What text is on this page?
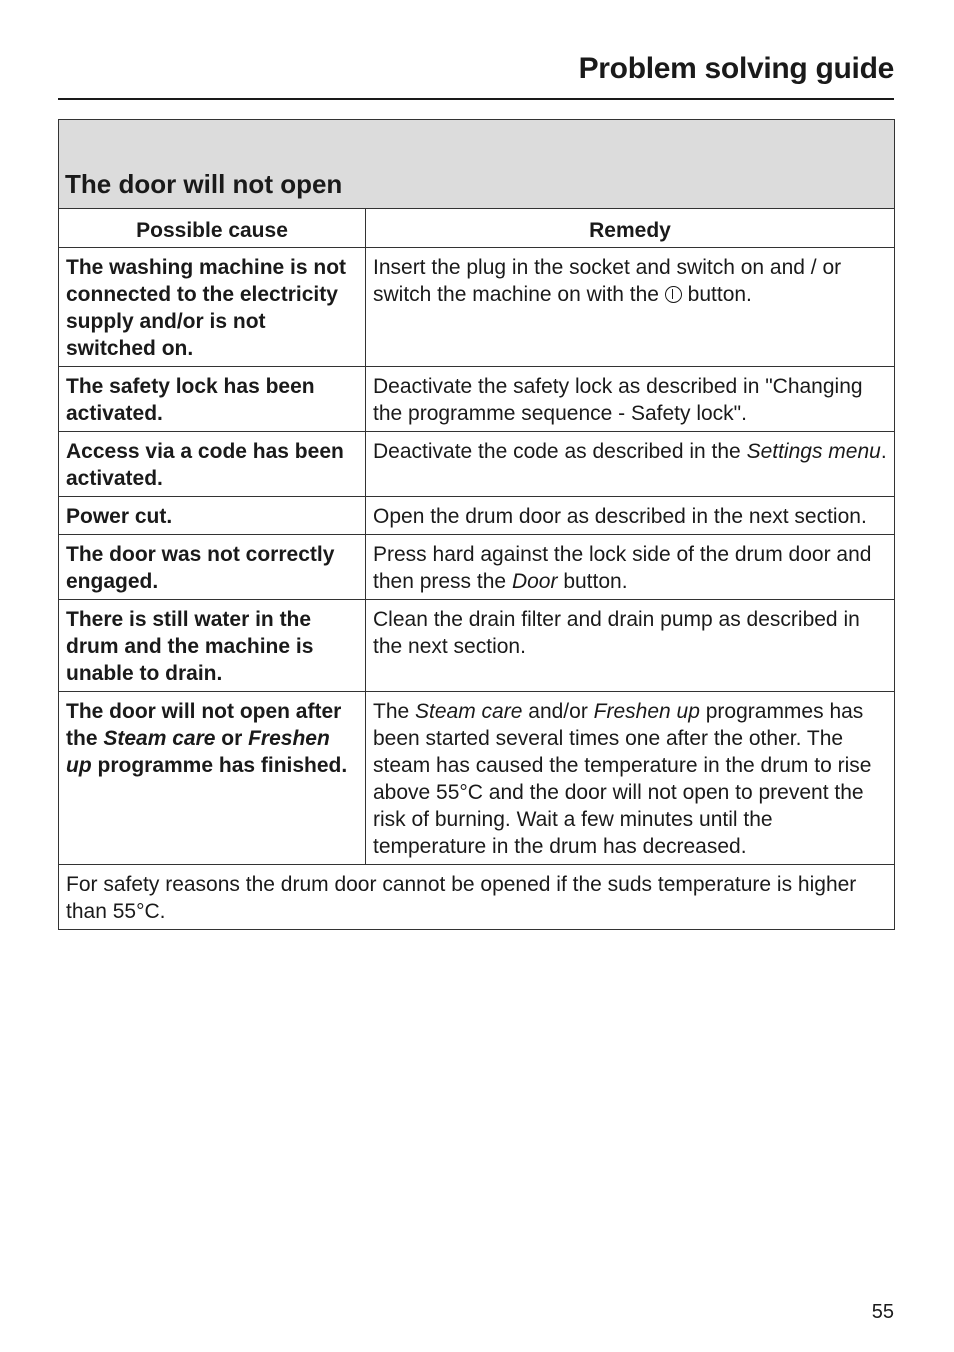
Problem solving guide
The door will not open	
Possible cause	Remedy
The washing machine is not connected to the electricity supply and/or is not switched on.	Insert the plug in the socket and switch on and / or switch the machine on with the button.
The safety lock has been activated.	Deactivate the safety lock as described in "Changing the programme sequence - Safety lock".
Access via a code has been activated.	Deactivate the code as described in the Settings menu.
Power cut.	Open the drum door as described in the next section.
The door was not correctly engaged.	Press hard against the lock side of the drum door and then press the Door button.
There is still water in the drum and the machine is unable to drain.	Clean the drain filter and drain pump as described in the next section.
The door will not open after the Steam care or Freshen up programme has finished.	The Steam care and/or Freshen up programmes has been started several times one after the other. The steam has caused the temperature in the drum to rise above 55°C and the door will not open to prevent the risk of burning. Wait a few minutes until the temperature in the drum has decreased.
For safety reasons the drum door cannot be opened if the suds temperature is higher than 55°C.	
55
